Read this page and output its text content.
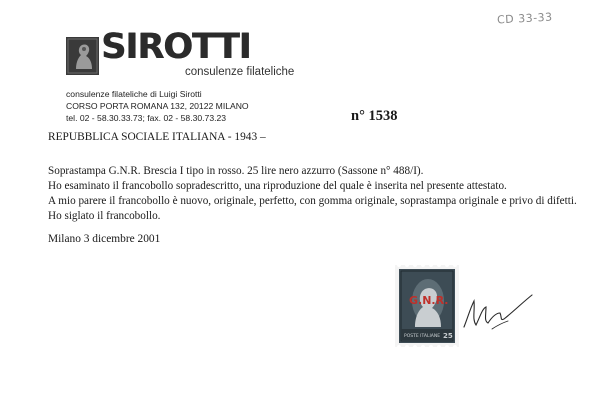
CD 33-33
SIROTTI
consulenze filateliche
consulenze filateliche di Luigi Sirotti
CORSO PORTA ROMANA 132, 20122 MILANO
tel. 02 - 58.30.33.73; fax. 02 - 58.30.73.23	n° 1538
REPUBBLICA SOCIALE ITALIANA - 1943 –
Soprastampa G.N.R. Brescia I tipo in rosso. 25 lire nero azzurro (Sassone n° 488/I).
Ho esaminato il francobollo sopradescritto, una riproduzione del quale è inserita nel presente attestato.
A mio parere il francobollo è nuovo, originale, perfetto, con gomma originale, soprastampa originale e privo di difetti.
Ho siglato il francobollo.
Milano 3 dicembre 2001
POSTE ITALIANE 25
G.N.R.
